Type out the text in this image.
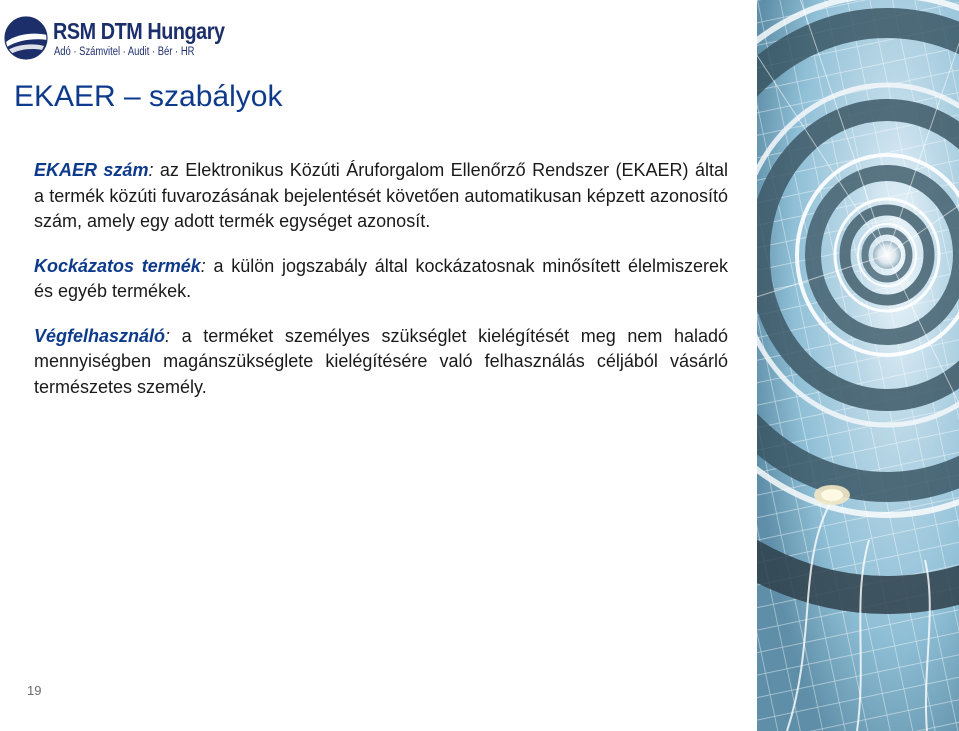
RSM DTM Hungary
Adó · Számvitel · Audit · Bér · HR
EKAER – szabályok

EKAER szám: az Elektronikus Közúti Áruforgalom Ellenőrző Rendszer (EKAER) által a termék közúti fuvarozásának bejelentését követően automatikusan képzett azonosító szám, amely egy adott termék egységet azonosít.

Kockázatos termék: a külön jogszabály által kockázatosnak minősített élelmiszerek és egyéb termékek.

Végfelhasználó: a terméket személyes szükséglet kielégítését meg nem haladó mennyiségben magánszükséglete kielégítésére való felhasználás céljából vásárló természetes személy.

19
